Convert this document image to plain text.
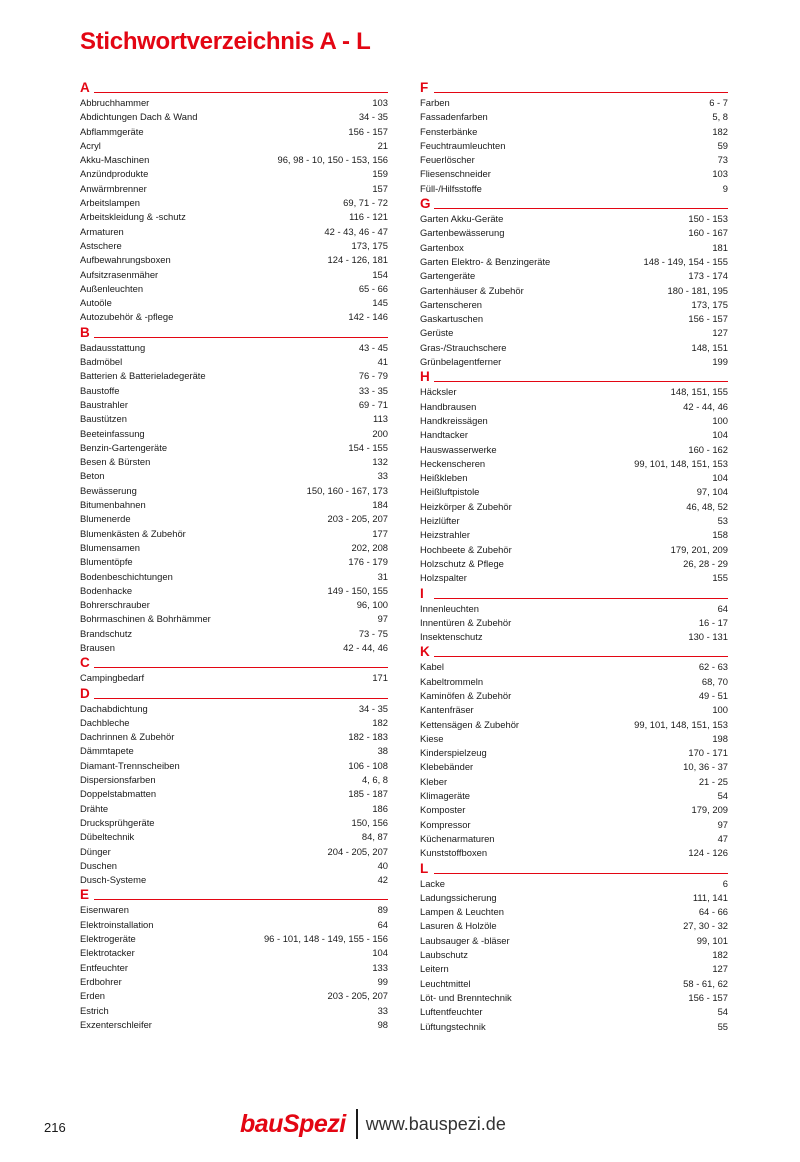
Stichwortverzeichnis A - L
A
Abbruchhammer	103
Abdichtungen Dach & Wand	34 - 35
Abflammgeräte	156 - 157
Acryl	21
Akku-Maschinen	96, 98 - 10, 150 - 153, 156
Anzündprodukte	159
Anwärmbrenner	157
Arbeitslampen	69, 71 - 72
Arbeitskleidung & -schutz	116 - 121
Armaturen	42 - 43, 46 - 47
Astschere	173, 175
Aufbewahrungsboxen	124 - 126, 181
Aufsitzrasenmäher	154
Außenleuchten	65 - 66
Autoöle	145
Autozubehör & -pflege	142 - 146
B
Badausstattung	43 - 45
Badmöbel	41
Batterien & Batterieladegeräte	76 - 79
Baustoffe	33 - 35
Baustrahler	69 - 71
Baustützen	113
Beeteinfassung	200
Benzin-Gartengeräte	154 - 155
Besen & Bürsten	132
Beton	33
Bewässerung	150, 160 - 167, 173
Bitumenbahnen	184
Blumenerde	203 - 205, 207
Blumenkästen & Zubehör	177
Blumensamen	202, 208
Blumentöpfe	176 - 179
Bodenbeschichtungen	31
Bodenhacke	149 - 150, 155
Bohrerschrauber	96, 100
Bohrmaschinen & Bohrhämmer	97
Brandschutz	73 - 75
Brausen	42 - 44, 46
C
Campingbedarf	171
D
Dachabdichtung	34 - 35
Dachbleche	182
Dachrinnen & Zubehör	182 - 183
Dämmtapete	38
Diamant-Trennscheiben	106 - 108
Dispersionsfarben	4, 6, 8
Doppelstabmatten	185 - 187
Drähte	186
Drucksprühgeräte	150, 156
Dübeltechnik	84, 87
Dünger	204 - 205, 207
Duschen	40
Dusch-Systeme	42
E
Eisenwaren	89
Elektroinstallation	64
Elektrogeräte	96 - 101, 148 - 149, 155 - 156
Elektrotacker	104
Entfeuchter	133
Erdbohrer	99
Erden	203 - 205, 207
Estrich	33
Exzenterschleifer	98
F
Farben	6 - 7
Fassadenfarben	5, 8
Fensterbänke	182
Feuchtraumleuchten	59
Feuerlöscher	73
Fliesenschneider	103
Füll-/Hilfsstoffe	9
G
Garten Akku-Geräte	150 - 153
Gartenbewässerung	160 - 167
Gartenbox	181
Garten Elektro- & Benzingeräte	148 - 149, 154 - 155
Gartengeräte	173 - 174
Gartenhäuser & Zubehör	180 - 181, 195
Gartenscheren	173, 175
Gaskartuschen	156 - 157
Gerüste	127
Gras-/Strauchschere	148, 151
Grünbelagentferner	199
H
Häcksler	148, 151, 155
Handbrausen	42 - 44, 46
Handkreissägen	100
Handtacker	104
Hauswasserwerke	160 - 162
Heckenscheren	99, 101, 148, 151, 153
Heißkleben	104
Heißluftpistole	97, 104
Heizkörper & Zubehör	46, 48, 52
Heizlüfter	53
Heizstrahler	158
Hochbeete & Zubehör	179, 201, 209
Holzschutz & Pflege	26, 28 - 29
Holzspalter	155
I
Innenleuchten	64
Innentüren & Zubehör	16 - 17
Insektenschutz	130 - 131
K
Kabel	62 - 63
Kabeltrommeln	68, 70
Kaminöfen & Zubehör	49 - 51
Kantenfräser	100
Kettensägen & Zubehör	99, 101, 148, 151, 153
Kiese	198
Kinderspielzeug	170 - 171
Klebebänder	10, 36 - 37
Kleber	21 - 25
Klimageräte	54
Komposter	179, 209
Kompressor	97
Küchenarmaturen	47
Kunststoffboxen	124 - 126
L
Lacke	6
Ladungssicherung	111, 141
Lampen & Leuchten	64 - 66
Lasuren & Holzöle	27, 30 - 32
Laubsauger & -bläser	99, 101
Laubschutz	182
Leitern	127
Leuchtmittel	58 - 61, 62
Löt- und Brenntechnik	156 - 157
Luftentfeuchter	54
Lüftungstechnik	55
216	bauSpezi www.bauspezi.de
